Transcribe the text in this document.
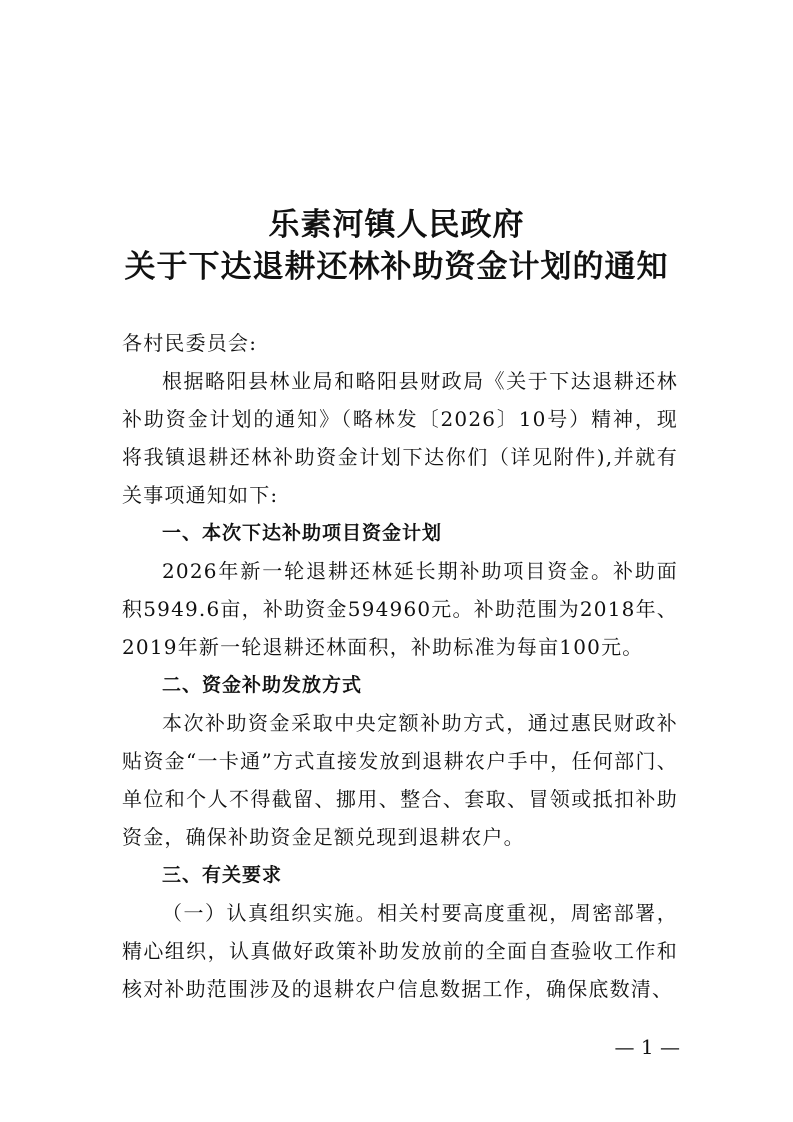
乐素河镇人民政府
关于下达退耕还林补助资金计划的通知

各村民委员会:

根据略阳县林业局和略阳县财政局《关于下达退耕还林补助资金计划的通知》（略林发〔2026〕10号）精神，现将我镇退耕还林补助资金计划下达你们（详见附件),并就有关事项通知如下:

一、本次下达补助项目资金计划

2026年新一轮退耕还林延长期补助项目资金。补助面积5949.6亩，补助资金594960元。补助范围为2018年、2019年新一轮退耕还林面积，补助标准为每亩100元。

二、资金补助发放方式

本次补助资金采取中央定额补助方式，通过惠民财政补贴资金“一卡通”方式直接发放到退耕农户手中，任何部门、单位和个人不得截留、挪用、整合、套取、冒领或抵扣补助资金，确保补助资金足额兑现到退耕农户。

三、有关要求

（一）认真组织实施。相关村要高度重视，周密部署，精心组织，认真做好政策补助发放前的全面自查验收工作和核对补助范围涉及的退耕农户信息数据工作，确保底数清、

— 1 —
